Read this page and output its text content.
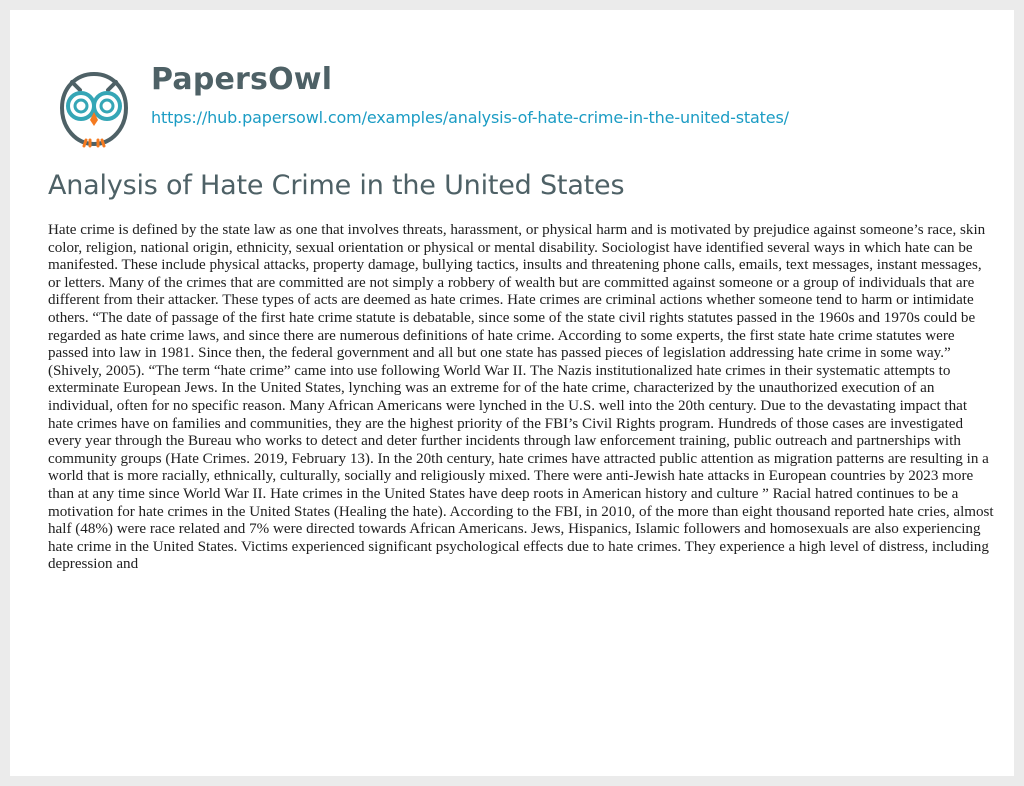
PapersOwl
https://hub.papersowl.com/examples/analysis-of-hate-crime-in-the-united-states/
Analysis of Hate Crime in the United States

Hate crime is defined by the state law as one that involves threats, harassment, or physical harm and is motivated by prejudice against someone’s race, skin color, religion, national origin, ethnicity, sexual orientation or physical or mental disability. Sociologist have identified several ways in which hate can be manifested. These include physical attacks, property damage, bullying tactics, insults and threatening phone calls, emails, text messages, instant messages, or letters. Many of the crimes that are committed are not simply a robbery of wealth but are committed against someone or a group of individuals that are different from their attacker. These types of acts are deemed as hate crimes. Hate crimes are criminal actions whether someone tend to harm or intimidate others. “The date of passage of the first hate crime statute is debatable, since some of the state civil rights statutes passed in the 1960s and 1970s could be regarded as hate crime laws, and since there are numerous definitions of hate crime. According to some experts, the first state hate crime statutes were passed into law in 1981. Since then, the federal government and all but one state has passed pieces of legislation addressing hate crime in some way.” (Shively, 2005). “The term “hate crime” came into use following World War II. The Nazis institutionalized hate crimes in their systematic attempts to exterminate European Jews. In the United States, lynching was an extreme for of the hate crime, characterized by the unauthorized execution of an individual, often for no specific reason. Many African Americans were lynched in the U.S. well into the 20th century. Due to the devastating impact that hate crimes have on families and communities, they are the highest priority of the FBI’s Civil Rights program. Hundreds of those cases are investigated every year through the Bureau who works to detect and deter further incidents through law enforcement training, public outreach and partnerships with community groups (Hate Crimes. 2019, February 13). In the 20th century, hate crimes have attracted public attention as migration patterns are resulting in a world that is more racially, ethnically, culturally, socially and religiously mixed. There were anti-Jewish hate attacks in European countries by 2023 more than at any time since World War II. Hate crimes in the United States have deep roots in American history and culture ” Racial hatred continues to be a motivation for hate crimes in the United States (Healing the hate). According to the FBI, in 2010, of the more than eight thousand reported hate cries, almost half (48%) were race related and 7% were directed towards African Americans. Jews, Hispanics, Islamic followers and homosexuals are also experiencing hate crime in the United States. Victims experienced significant psychological effects due to hate crimes. They experience a high level of distress, including depression and
